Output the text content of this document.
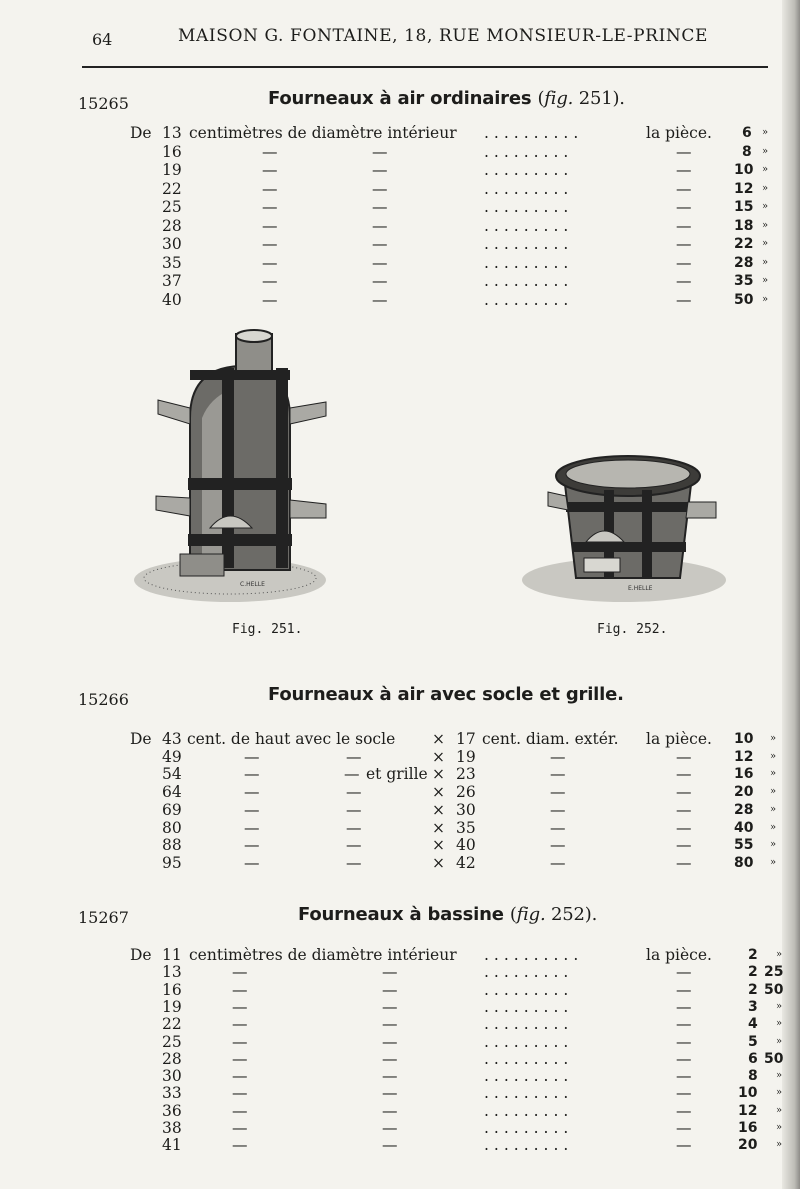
64	MAISON G. FONTAINE, 18, RUE MONSIEUR-LE-PRINCE
15265	Fourneaux à air ordinaires (fig. 251).
C.HELLE
Fig. 251.
E.HELLE
Fig. 252.
15266	Fourneaux à air avec socle et grille.
15267	Fourneaux à bassine (fig. 252).
De 13 centimètres de diamètre intérieur ..........	la pièce. 6 »
16	—	—	.........	—	8 »
19	—	—	.........	—	10 »
22	—	—	.........	—	12 »
25	—	—	.........	—	15 »
28	—	—	.........	—	18 »
30	—	—	.........	—	22 »
35	—	—	.........	—	28 »
37	—	—	.........	—	35 »
40	—	—	.........	—	50 »
De 43 cent. de haut avec le socle × 17 cent. diam. extér. la pièce. 10 »
49	—	—	× 19	—	—	12 »
54	—	— et grille × 23	—	—	16 »
64	—	—	× 26	—	—	20 »
69	—	—	× 30	—	—	28 »
80	—	—	× 35	—	—	40 »
88	—	—	× 40	—	—	55 »
95	—	—	× 42	—	—	80 »
De 11 centimètres de diamètre intérieur ..........	la pièce.	2 »
13	—	—	.........	—	2 25
16	—	—	.........	—	2 50
19	—	—	.........	—	3 »
22	—	—	.........	—	4 »
25	—	—	.........	—	5 »
28	—	—	.........	—	6 50
30	—	—	.........	—	8 »
33	—	—	.........	—	10 »
36	—	—	.........	—	12 »
38	—	—	.........	—	16 »
41	—	—	.........	—	20 »
